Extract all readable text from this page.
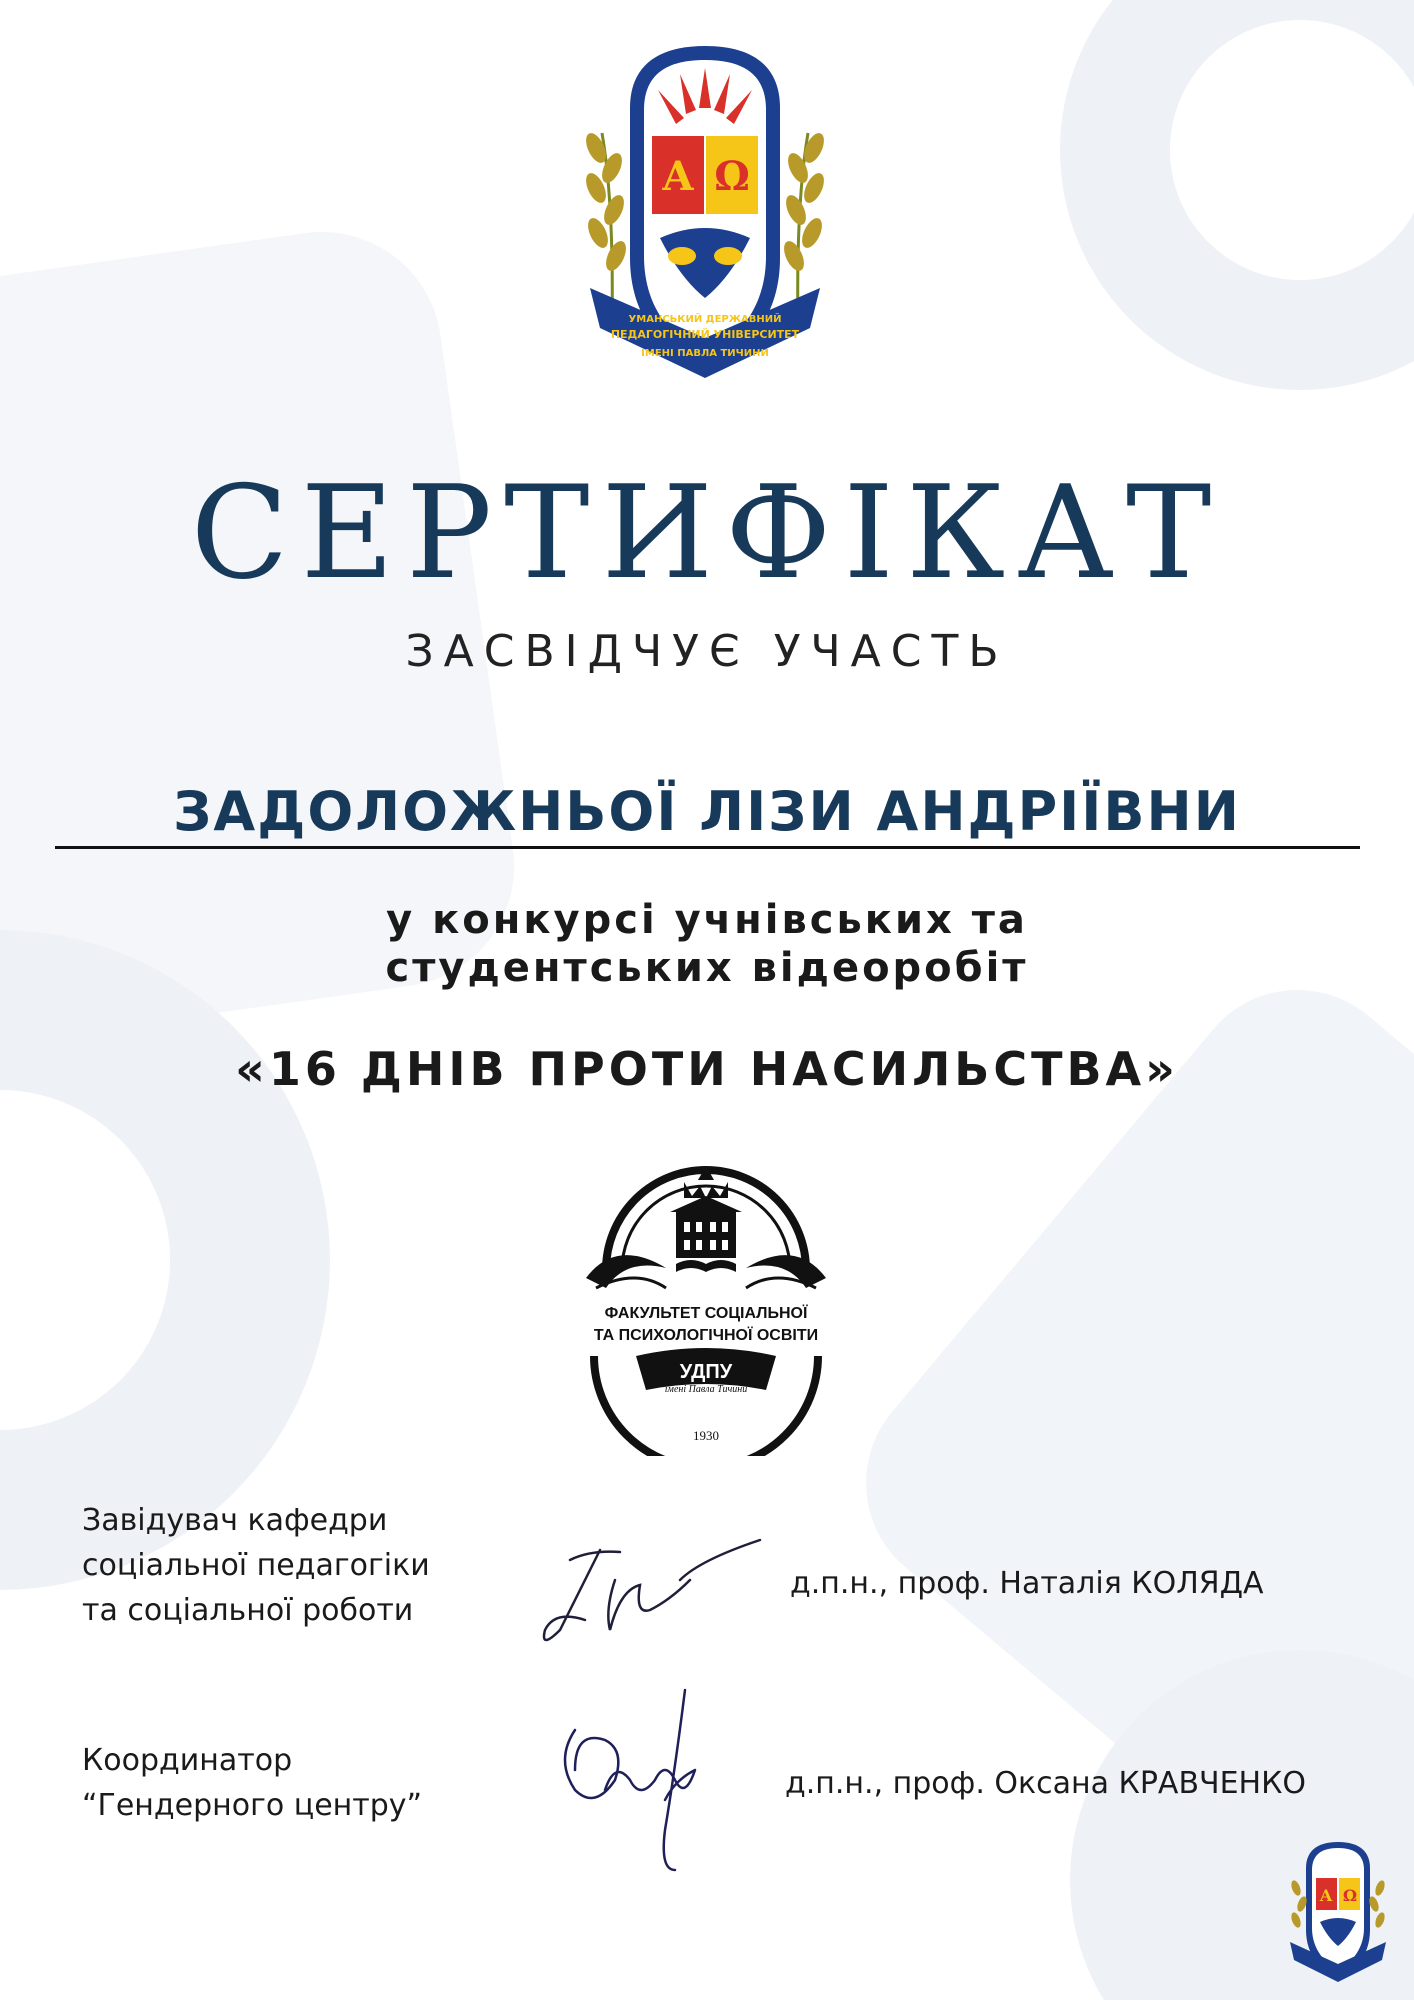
А Ω
ПЕДАГОГІЧНИЙ УНІВЕРСИТЕТ
ІМЕНІ ПАВЛА ТИЧИНИ
УМАНСЬКИЙ ДЕРЖАВНИЙ
СЕРТИФІКАТ
ЗАСВІДЧУЄ УЧАСТЬ
ЗАДОЛОЖНЬОЇ ЛІЗИ АНДРІЇВНИ
у конкурсі учнівських та
студентських відеоробіт
«16 ДНІВ ПРОТИ НАСИЛЬСТВА»
ФАКУЛЬТЕТ СОЦІАЛЬНОЇ
ТА ПСИХОЛОГІЧНОЇ ОСВІТИ
УДПУ
імені Павла Тичини
1930
Завідувач кафедри
соціальної педагогіки
та соціальної роботи
д.п.н., проф. Наталія КОЛЯДА
Координатор
“Гендерного центру”
д.п.н., проф. Оксана КРАВЧЕНКО
А Ω
